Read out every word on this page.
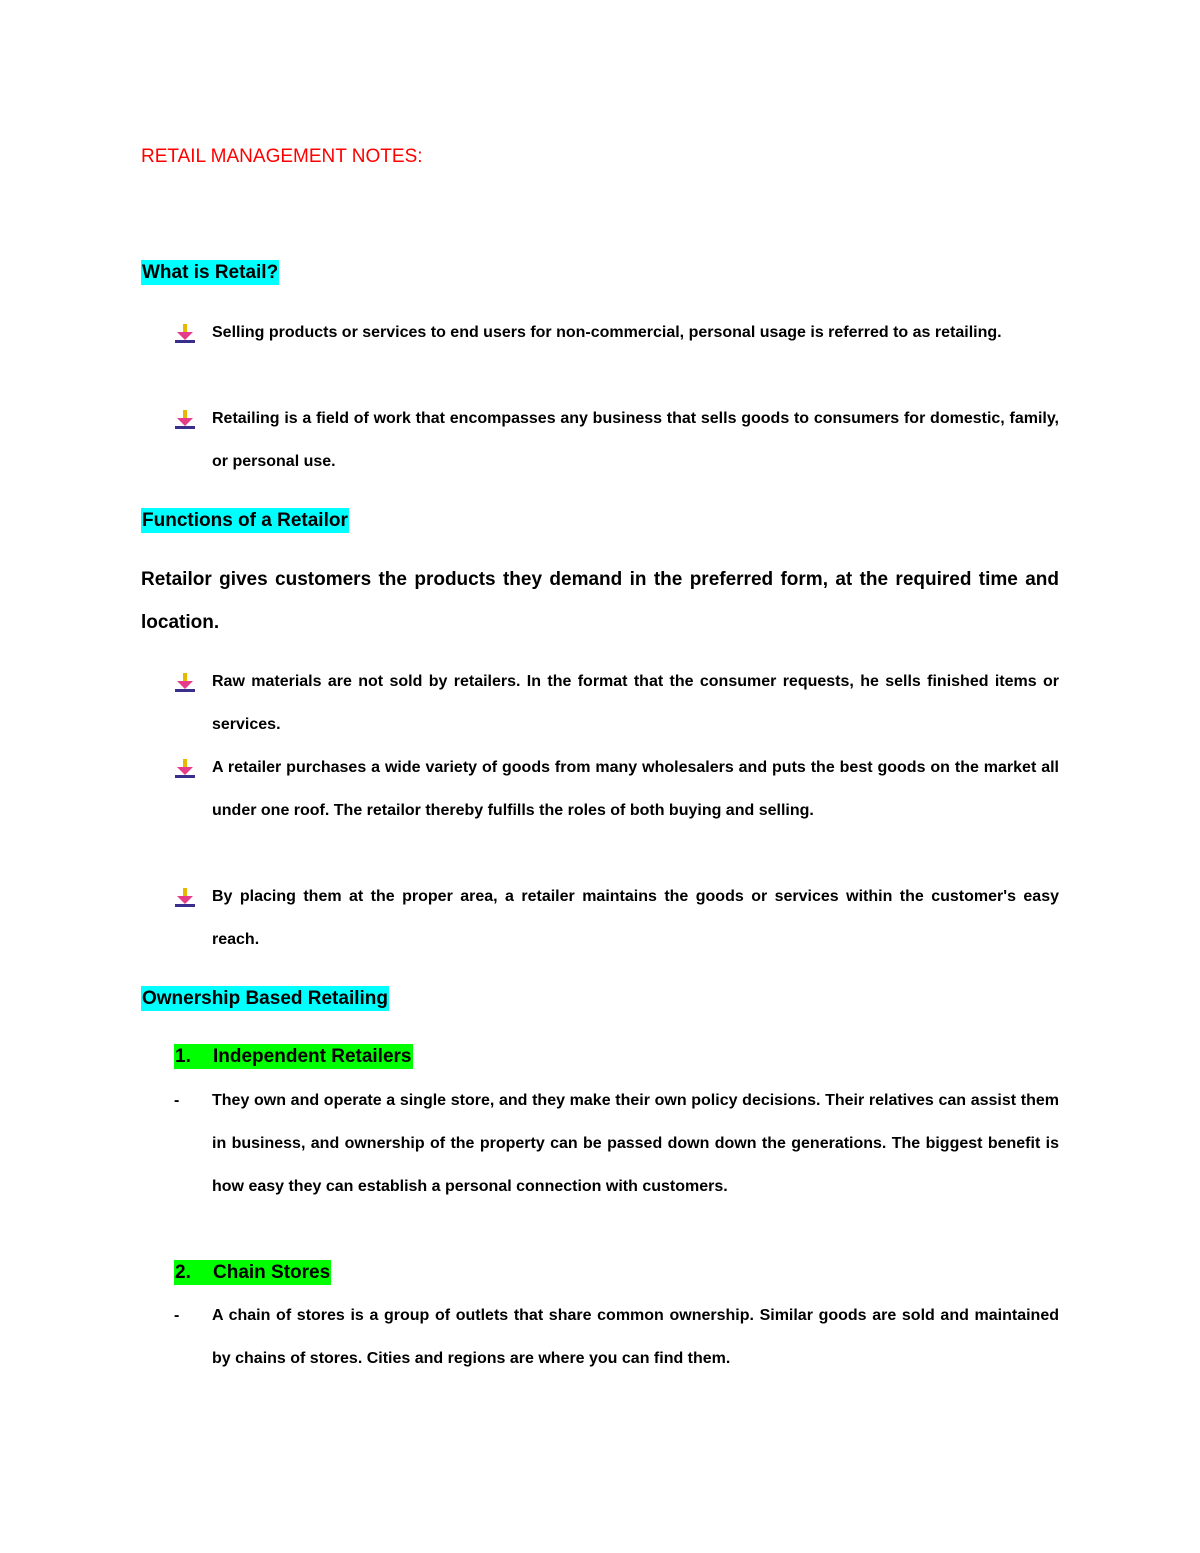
RETAIL MANAGEMENT NOTES:
What is Retail?
Selling products or services to end users for non-commercial, personal usage is referred to as retailing.
Retailing is a field of work that encompasses any business that sells goods to consumers for domestic, family, or personal use.
Functions of a Retailor
Retailor gives customers the products they demand in the preferred form, at the required time and location.
Raw materials are not sold by retailers. In the format that the consumer requests, he sells finished items or services.
A retailer purchases a wide variety of goods from many wholesalers and puts the best goods on the market all under one roof. The retailor thereby fulfills the roles of both buying and selling.
By placing them at the proper area, a retailer maintains the goods or services within the customer's easy reach.
Ownership Based Retailing
1. Independent Retailers
-	They own and operate a single store, and they make their own policy decisions. Their relatives can assist them in business, and ownership of the property can be passed down down the generations. The biggest benefit is how easy they can establish a personal connection with customers.
2. Chain Stores
-	A chain of stores is a group of outlets that share common ownership. Similar goods are sold and maintained by chains of stores. Cities and regions are where you can find them.
